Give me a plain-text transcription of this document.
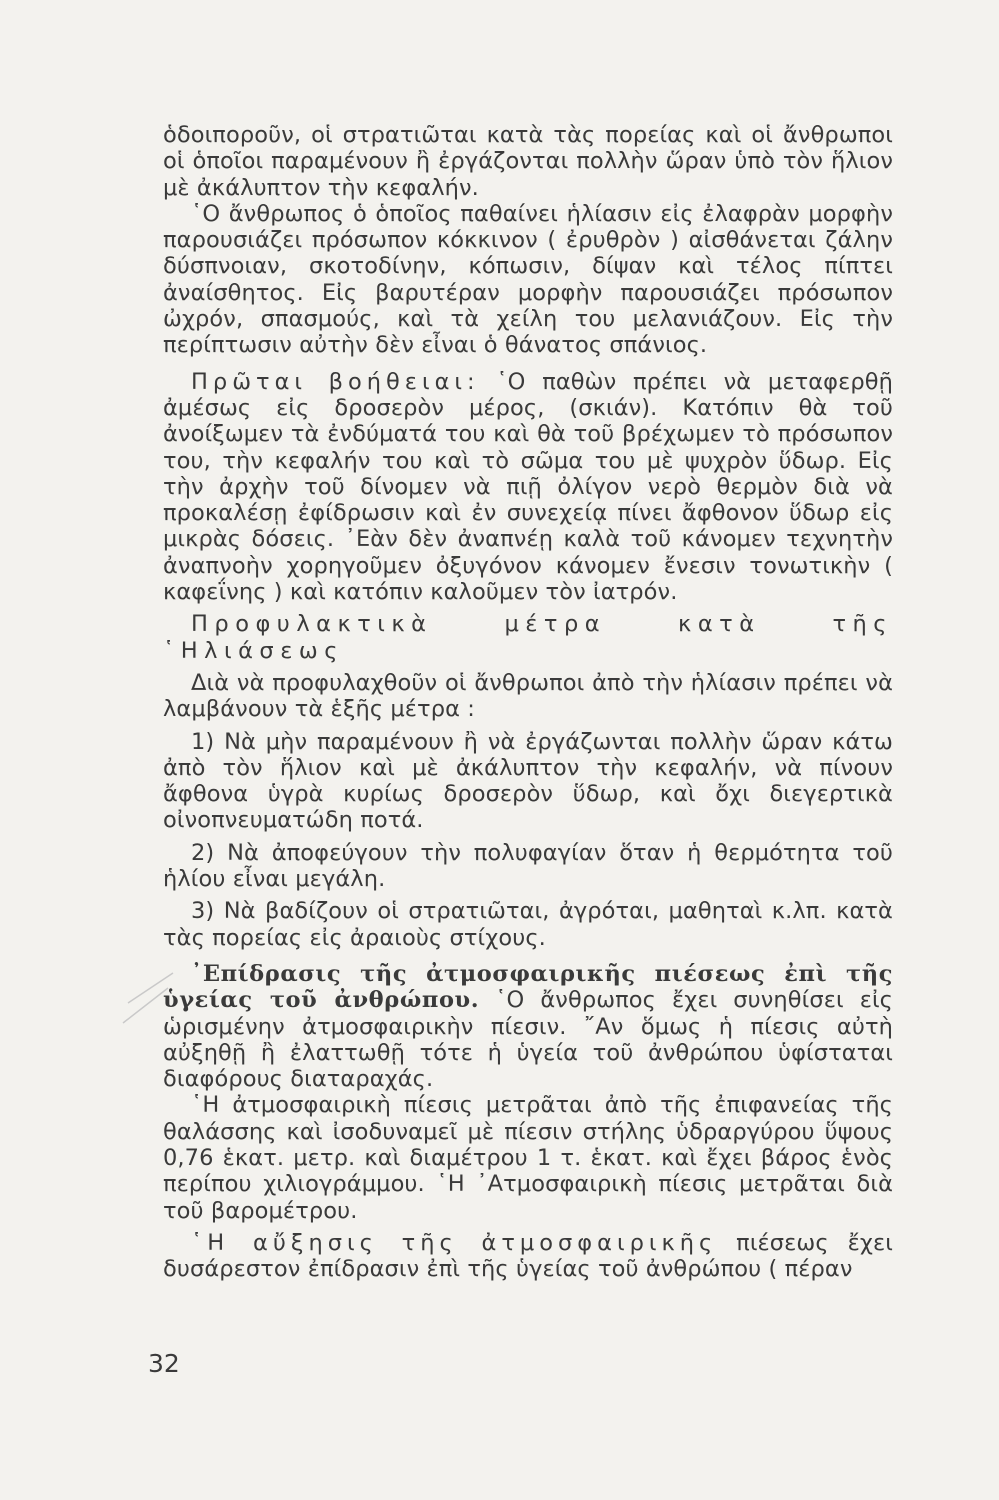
ὁδοιποροῦν, οἱ στρατιῶται κατὰ τὰς πορείας καὶ οἱ ἄνθρωποι οἱ ὁποῖοι παραμένουν ἢ ἐργάζονται πολλὴν ὥραν ὑπὸ τὸν ἥλιον μὲ ἀκάλυπτον τὴν κεφαλήν.

῾Ο ἄνθρωπος ὁ ὁποῖος παθαίνει ἡλίασιν εἰς ἐλαφρὰν μορφὴν παρουσιάζει πρόσωπον κόκκινον ( ἐρυθρὸν ) αἰσθάνεται ζάλην δύσπνοιαν, σκοτοδίνην, κόπωσιν, δίψαν καὶ τέλος πίπτει ἀναίσθητος. Εἰς βαρυτέραν μορφὴν παρουσιάζει πρόσωπον ὠχρόν, σπασμούς, καὶ τὰ χείλη του μελανιάζουν. Εἰς τὴν περίπτωσιν αὐτὴν δὲν εἶναι ὁ θάνατος σπάνιος.

Πρῶται βοήθειαι: ῾Ο παθὼν πρέπει νὰ μεταφερθῇ ἀμέσως εἰς δροσερὸν μέρος, (σκιάν). Κατόπιν θὰ τοῦ ἀνοίξωμεν τὰ ἐνδύματά του καὶ θὰ τοῦ βρέχωμεν τὸ πρόσωπον του, τὴν κεφαλήν του καὶ τὸ σῶμα του μὲ ψυχρὸν ὕδωρ. Εἰς τὴν ἀρχὴν τοῦ δίνομεν νὰ πιῇ ὀλίγον νερὸ θερμὸν διὰ νὰ προκαλέσῃ ἐφίδρωσιν καὶ ἐν συνεχείᾳ πίνει ἄφθονον ὕδωρ εἰς μικρὰς δόσεις. ᾿Εὰν δὲν ἀναπνέῃ καλὰ τοῦ κάνομεν τεχνητὴν ἀναπνοὴν χορηγοῦμεν ὀξυγόνον κάνομεν ἔνεσιν τονωτικὴν ( καφεΐνης ) καὶ κατόπιν καλοῦμεν τὸν ἰατρόν.

Προφυλακτικὰ μέτρα κατὰ τῆς ῾Ηλιάσεως

Διὰ νὰ προφυλαχθοῦν οἱ ἄνθρωποι ἀπὸ τὴν ἡλίασιν πρέπει νὰ λαμβάνουν τὰ ἑξῆς μέτρα :

1) Νὰ μὴν παραμένουν ἢ νὰ ἐργάζωνται πολλὴν ὥραν κάτω ἀπὸ τὸν ἥλιον καὶ μὲ ἀκάλυπτον τὴν κεφαλήν, νὰ πίνουν ἄφθονα ὑγρὰ κυρίως δροσερὸν ὕδωρ, καὶ ὄχι διεγερτικὰ οἰνοπνευματώδη ποτά.

2) Νὰ ἀποφεύγουν τὴν πολυφαγίαν ὅταν ἡ θερμότητα τοῦ ἡλίου εἶναι μεγάλη.

3) Νὰ βαδίζουν οἱ στρατιῶται, ἀγρόται, μαθηταὶ κ.λπ. κατὰ τὰς πορείας εἰς ἀραιοὺς στίχους.

᾿Επίδρασις τῆς ἀτμοσφαιρικῆς πιέσεως ἐπὶ τῆς ὑγείας τοῦ ἀνθρώπου. ῾Ο ἄνθρωπος ἔχει συνηθίσει εἰς ὡρισμένην ἀτμοσφαιρικὴν πίεσιν. ῎Αν ὅμως ἡ πίεσις αὐτὴ αὐξηθῇ ἢ ἐλαττωθῇ τότε ἡ ὑγεία τοῦ ἀνθρώπου ὑφίσταται διαφόρους διαταραχάς.

῾Η ἀτμοσφαιρικὴ πίεσις μετρᾶται ἀπὸ τῆς ἐπιφανείας τῆς θαλάσσης καὶ ἰσοδυναμεῖ μὲ πίεσιν στήλης ὑδραργύρου ὕψους 0,76 ἑκατ. μετρ. καὶ διαμέτρου 1 τ. ἑκατ. καὶ ἔχει βάρος ἑνὸς περίπου χιλιογράμμου. ῾Η ᾿Ατμοσφαιρικὴ πίεσις μετρᾶται διὰ τοῦ βαρομέτρου.

῾Η αὔξησις τῆς ἀτμοσφαιρικῆς πιέσεως ἔχει δυσάρεστον ἐπίδρασιν ἐπὶ τῆς ὑγείας τοῦ ἀνθρώπου ( πέραν

32
